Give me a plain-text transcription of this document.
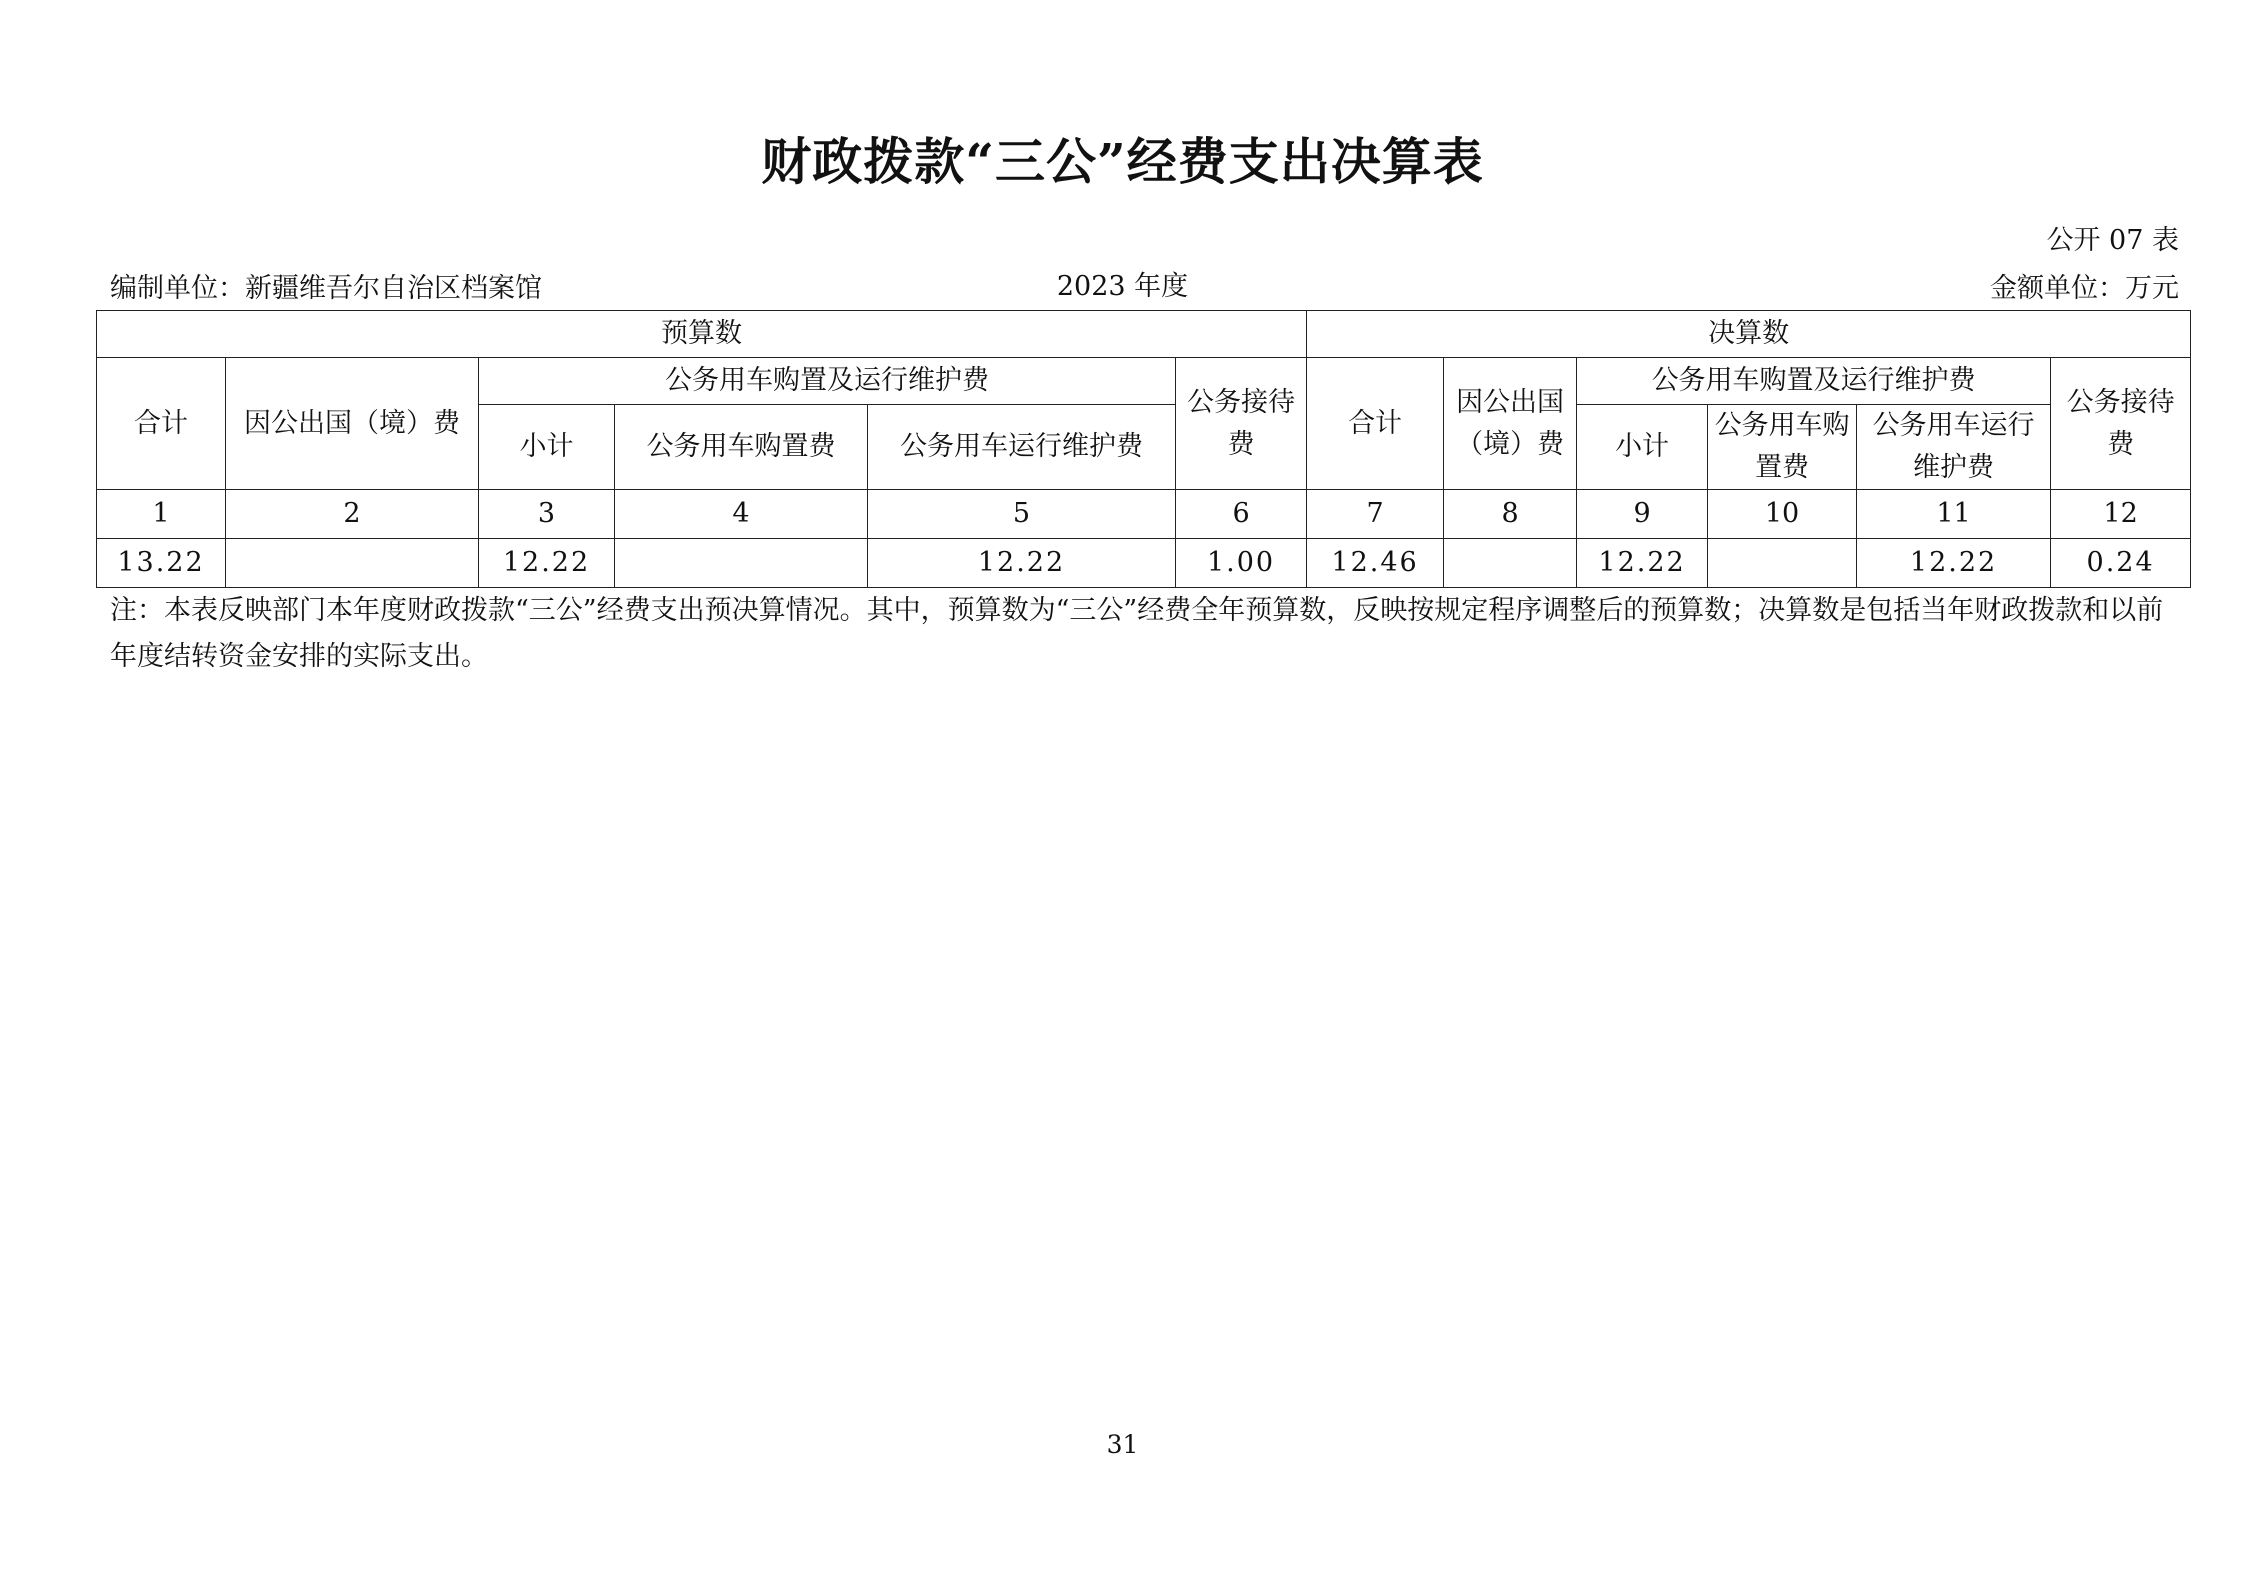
财政拨款“三公”经费支出决算表
公开 07 表
编制单位：新疆维吾尔自治区档案馆	2023 年度	金额单位：万元
预算数						决算数					
合计	因公出国（境）费	公务用车购置及运行维护费			公务接待费	合计	因公出国（境）费	公务用车购置及运行维护费			公务接待费
		小计	公务用车购置费	公务用车运行维护费				小计	公务用车购置费	公务用车运行维护费	
1	2	3	4	5	6	7	8	9	10	11	12
13.22		12.22		12.22	1.00	12.46		12.22		12.22	0.24
注：本表反映部门本年度财政拨款“三公”经费支出预决算情况。其中，预算数为“三公”经费全年预算数，反映按规定程序调整后的预算数；决算数是包括当年财政拨款和以前年度结转资金安排的实际支出。
31
